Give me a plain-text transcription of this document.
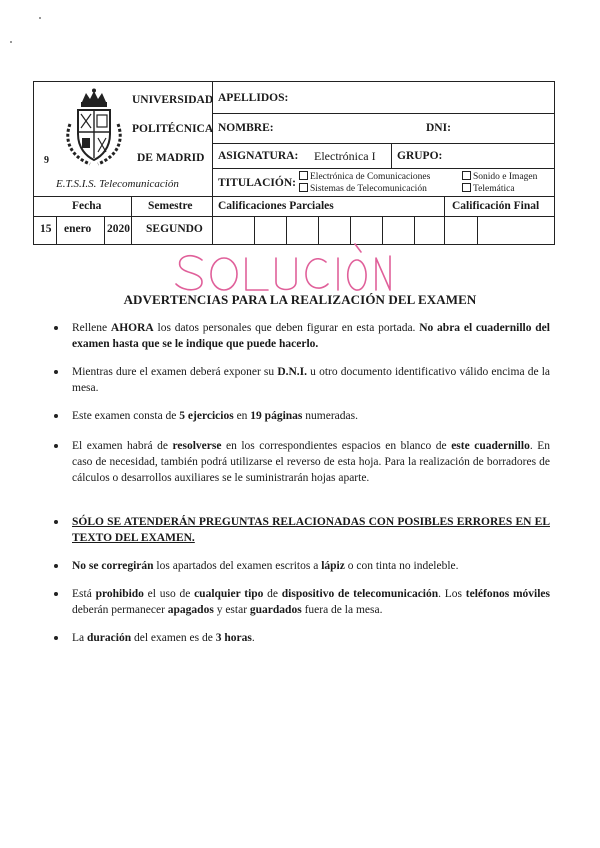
9
UNIVERSIDAD
POLITÉCNICA
DE MADRID
E.T.S.I.S. Telecomunicación
APELLIDOS:
NOMBRE:	DNI:
ASIGNATURA: Electrónica I GRUPO:
TITULACIÓN:	Electrónica de Comunicaciones
Sistemas de Telecomunicación
Sonido e Imagen
Telemática
Fecha	Semestre Calificaciones Parciales	Calificación Final
15 enero 2020 SEGUNDO
ADVERTENCIAS PARA LA REALIZACIÓN DEL EXAMEN
Rellene AHORA los datos personales que deben figurar en esta portada. No abra el cuadernillo del examen hasta que se le indique que puede hacerlo.
Mientras dure el examen deberá exponer su D.N.I. u otro documento identificativo válido encima de la mesa.
Este examen consta de 5 ejercicios en 19 páginas numeradas.
El examen habrá de resolverse en los correspondientes espacios en blanco de este cuadernillo. En caso de necesidad, también podrá utilizarse el reverso de esta hoja. Para la realización de borradores de cálculos o desarrollos auxiliares se le suministrarán hojas aparte.
SÓLO SE ATENDERÁN PREGUNTAS RELACIONADAS CON POSIBLES ERRORES EN EL TEXTO DEL EXAMEN.
No se corregirán los apartados del examen escritos a lápiz o con tinta no indeleble.
Está prohibido el uso de cualquier tipo de dispositivo de telecomunicación. Los teléfonos móviles deberán permanecer apagados y estar guardados fuera de la mesa.
La duración del examen es de 3 horas.
